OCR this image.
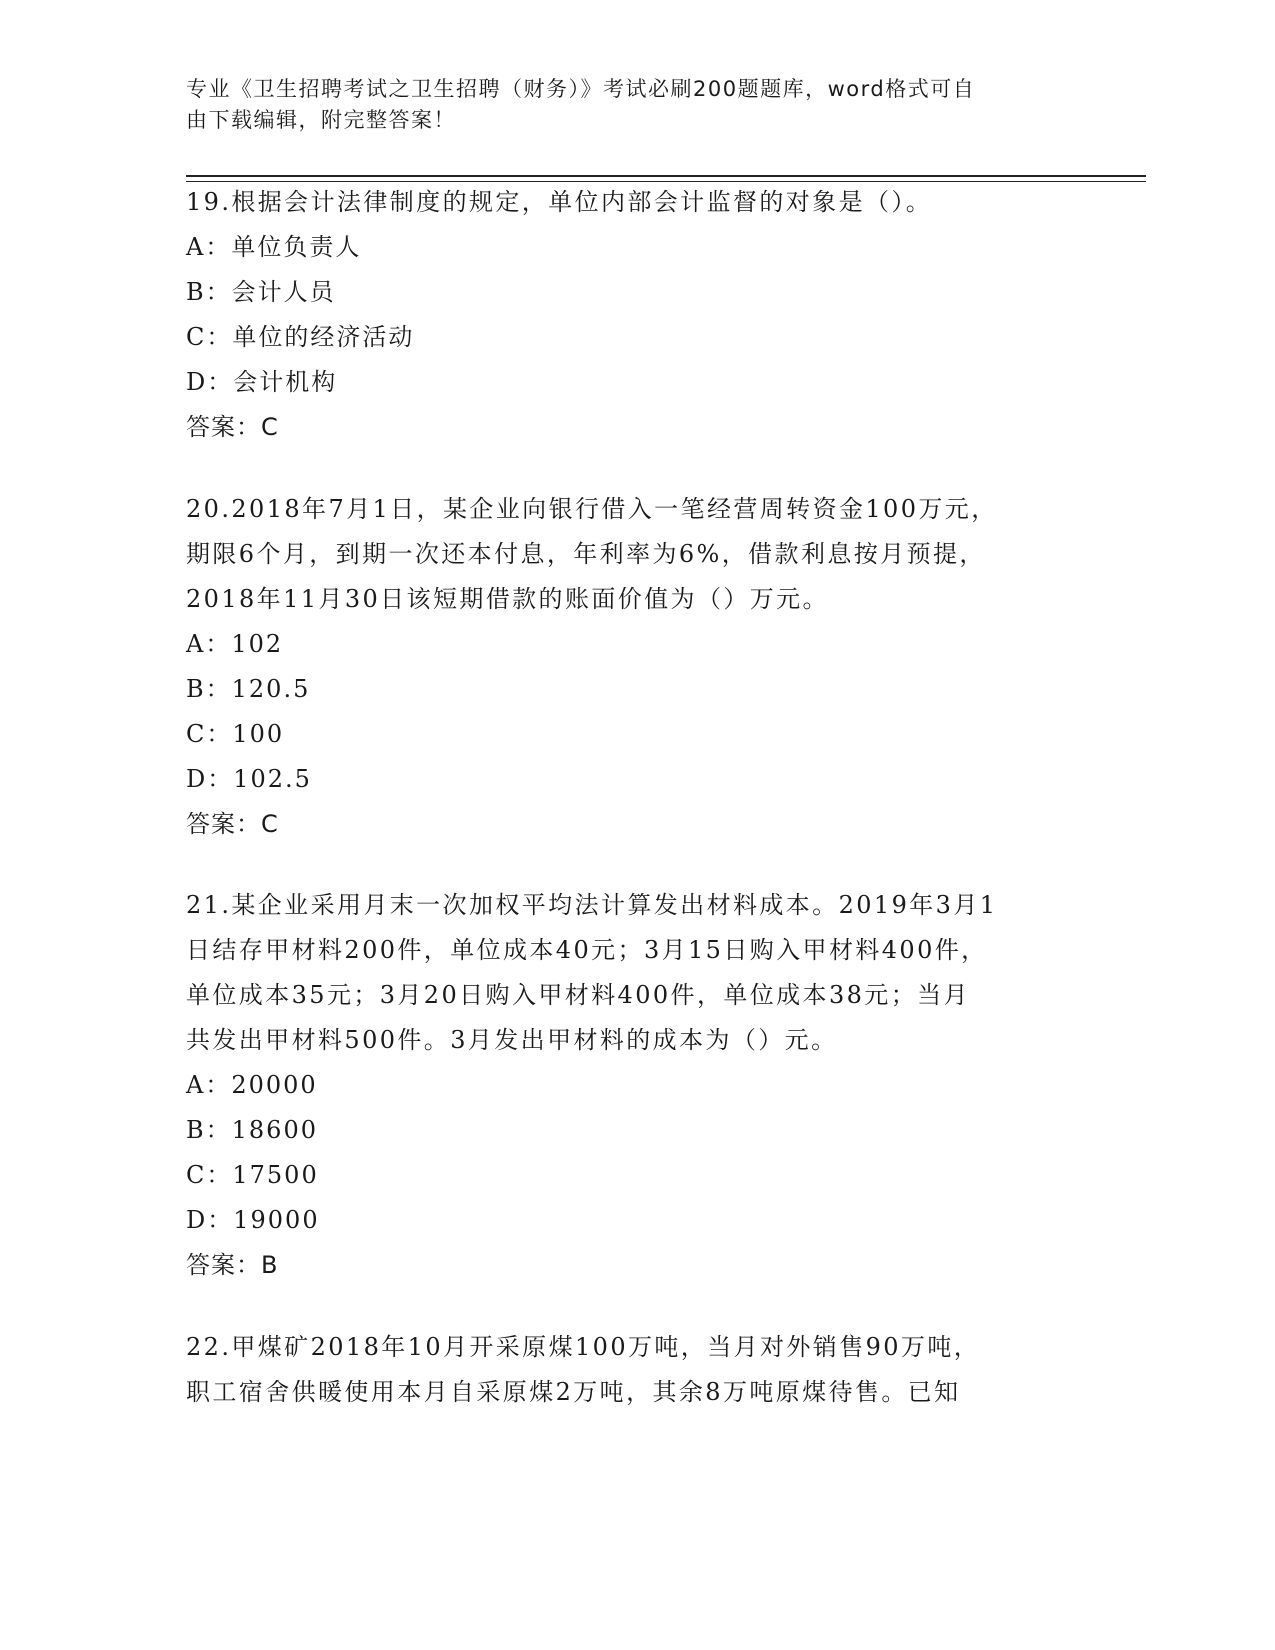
专业《卫生招聘考试之卫生招聘（财务）》考试必刷200题题库，word格式可自
由下载编辑，附完整答案！

19.根据会计法律制度的规定，单位内部会计监督的对象是（）。

A：单位负责人

B：会计人员

C：单位的经济活动

D：会计机构

答案：C

20.2018年7月1日，某企业向银行借入一笔经营周转资金100万元，

期限6个月，到期一次还本付息，年利率为6%，借款利息按月预提，

2018年11月30日该短期借款的账面价值为（）万元。

A：102

B：120.5

C：100

D：102.5

答案：C

21.某企业采用月末一次加权平均法计算发出材料成本。2019年3月1

日结存甲材料200件，单位成本40元；3月15日购入甲材料400件，

单位成本35元；3月20日购入甲材料400件，单位成本38元；当月

共发出甲材料500件。3月发出甲材料的成本为（）元。

A：20000

B：18600

C：17500

D：19000

答案：B

22.甲煤矿2018年10月开采原煤100万吨，当月对外销售90万吨，

职工宿舍供暖使用本月自采原煤2万吨，其余8万吨原煤待售。已知
